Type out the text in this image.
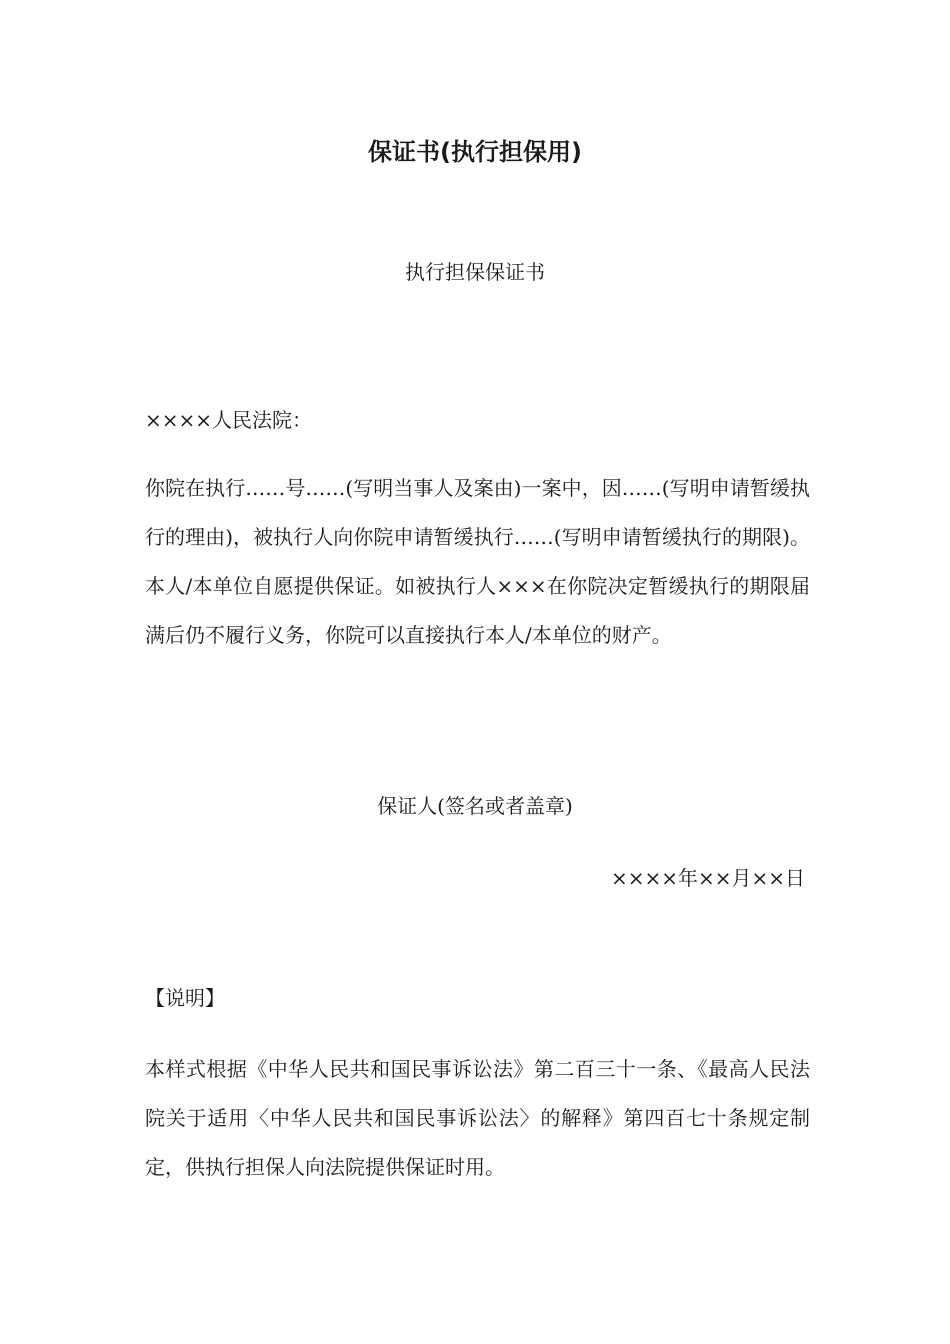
保证书(执行担保用)
执行担保保证书
××××人民法院：
你院在执行……号……(写明当事人及案由)一案中，因……(写明申请暂缓执行的理由)，被执行人向你院申请暂缓执行……(写明申请暂缓执行的期限)。本人/本单位自愿提供保证。如被执行人×××在你院决定暂缓执行的期限届满后仍不履行义务，你院可以直接执行本人/本单位的财产。
保证人(签名或者盖章)
××××年××月××日
【说明】
本样式根据《中华人民共和国民事诉讼法》第二百三十一条、《最高人民法院关于适用〈中华人民共和国民事诉讼法〉的解释》第四百七十条规定制定，供执行担保人向法院提供保证时用。
